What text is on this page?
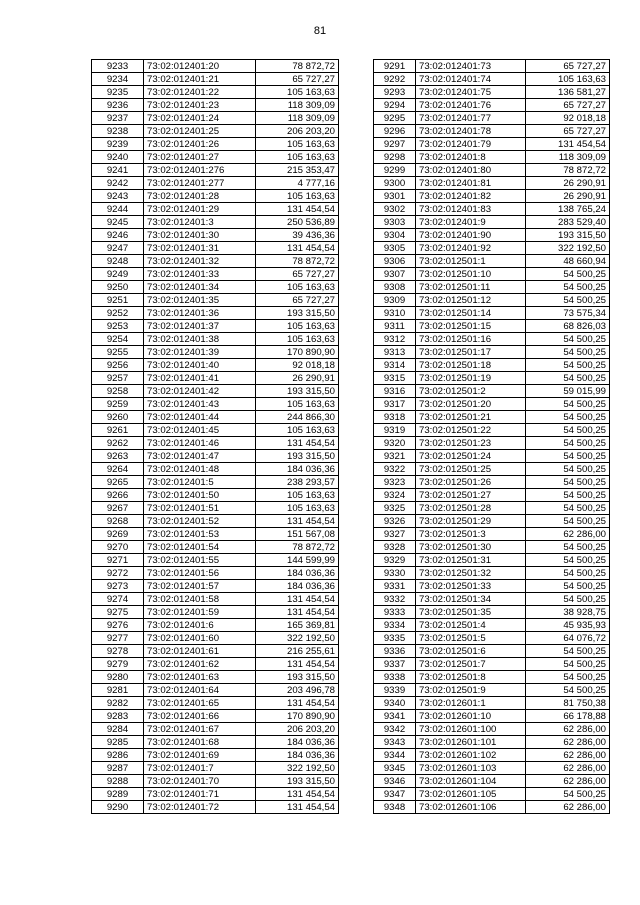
81
9233	73:02:012401:20	78 872,72
9234	73:02:012401:21	65 727,27
9235	73:02:012401:22	105 163,63
9236	73:02:012401:23	118 309,09
9237	73:02:012401:24	118 309,09
9238	73:02:012401:25	206 203,20
9239	73:02:012401:26	105 163,63
9240	73:02:012401:27	105 163,63
9241	73:02:012401:276	215 353,47
9242	73:02:012401:277	4 777,16
9243	73:02:012401:28	105 163,63
9244	73:02:012401:29	131 454,54
9245	73:02:012401:3	250 536,89
9246	73:02:012401:30	39 436,36
9247	73:02:012401:31	131 454,54
9248	73:02:012401:32	78 872,72
9249	73:02:012401:33	65 727,27
9250	73:02:012401:34	105 163,63
9251	73:02:012401:35	65 727,27
9252	73:02:012401:36	193 315,50
9253	73:02:012401:37	105 163,63
9254	73:02:012401:38	105 163,63
9255	73:02:012401:39	170 890,90
9256	73:02:012401:40	92 018,18
9257	73:02:012401:41	26 290,91
9258	73:02:012401:42	193 315,50
9259	73:02:012401:43	105 163,63
9260	73:02:012401:44	244 866,30
9261	73:02:012401:45	105 163,63
9262	73:02:012401:46	131 454,54
9263	73:02:012401:47	193 315,50
9264	73:02:012401:48	184 036,36
9265	73:02:012401:5	238 293,57
9266	73:02:012401:50	105 163,63
9267	73:02:012401:51	105 163,63
9268	73:02:012401:52	131 454,54
9269	73:02:012401:53	151 567,08
9270	73:02:012401:54	78 872,72
9271	73:02:012401:55	144 599,99
9272	73:02:012401:56	184 036,36
9273	73:02:012401:57	184 036,36
9274	73:02:012401:58	131 454,54
9275	73:02:012401:59	131 454,54
9276	73:02:012401:6	165 369,81
9277	73:02:012401:60	322 192,50
9278	73:02:012401:61	216 255,61
9279	73:02:012401:62	131 454,54
9280	73:02:012401:63	193 315,50
9281	73:02:012401:64	203 496,78
9282	73:02:012401:65	131 454,54
9283	73:02:012401:66	170 890,90
9284	73:02:012401:67	206 203,20
9285	73:02:012401:68	184 036,36
9286	73:02:012401:69	184 036,36
9287	73:02:012401:7	322 192,50
9288	73:02:012401:70	193 315,50
9289	73:02:012401:71	131 454,54
9290	73:02:012401:72	131 454,54
9291	73:02:012401:73	65 727,27
9292	73:02:012401:74	105 163,63
9293	73:02:012401:75	136 581,27
9294	73:02:012401:76	65 727,27
9295	73:02:012401:77	92 018,18
9296	73:02:012401:78	65 727,27
9297	73:02:012401:79	131 454,54
9298	73:02:012401:8	118 309,09
9299	73:02:012401:80	78 872,72
9300	73:02:012401:81	26 290,91
9301	73:02:012401:82	26 290,91
9302	73:02:012401:83	138 765,24
9303	73:02:012401:9	283 529,40
9304	73:02:012401:90	193 315,50
9305	73:02:012401:92	322 192,50
9306	73:02:012501:1	48 660,94
9307	73:02:012501:10	54 500,25
9308	73:02:012501:11	54 500,25
9309	73:02:012501:12	54 500,25
9310	73:02:012501:14	73 575,34
9311	73:02:012501:15	68 826,03
9312	73:02:012501:16	54 500,25
9313	73:02:012501:17	54 500,25
9314	73:02:012501:18	54 500,25
9315	73:02:012501:19	54 500,25
9316	73:02:012501:2	59 015,99
9317	73:02:012501:20	54 500,25
9318	73:02:012501:21	54 500,25
9319	73:02:012501:22	54 500,25
9320	73:02:012501:23	54 500,25
9321	73:02:012501:24	54 500,25
9322	73:02:012501:25	54 500,25
9323	73:02:012501:26	54 500,25
9324	73:02:012501:27	54 500,25
9325	73:02:012501:28	54 500,25
9326	73:02:012501:29	54 500,25
9327	73:02:012501:3	62 286,00
9328	73:02:012501:30	54 500,25
9329	73:02:012501:31	54 500,25
9330	73:02:012501:32	54 500,25
9331	73:02:012501:33	54 500,25
9332	73:02:012501:34	54 500,25
9333	73:02:012501:35	38 928,75
9334	73:02:012501:4	45 935,93
9335	73:02:012501:5	64 076,72
9336	73:02:012501:6	54 500,25
9337	73:02:012501:7	54 500,25
9338	73:02:012501:8	54 500,25
9339	73:02:012501:9	54 500,25
9340	73:02:012601:1	81 750,38
9341	73:02:012601:10	66 178,88
9342	73:02:012601:100	62 286,00
9343	73:02:012601:101	62 286,00
9344	73:02:012601:102	62 286,00
9345	73:02:012601:103	62 286,00
9346	73:02:012601:104	62 286,00
9347	73:02:012601:105	54 500,25
9348	73:02:012601:106	62 286,00
